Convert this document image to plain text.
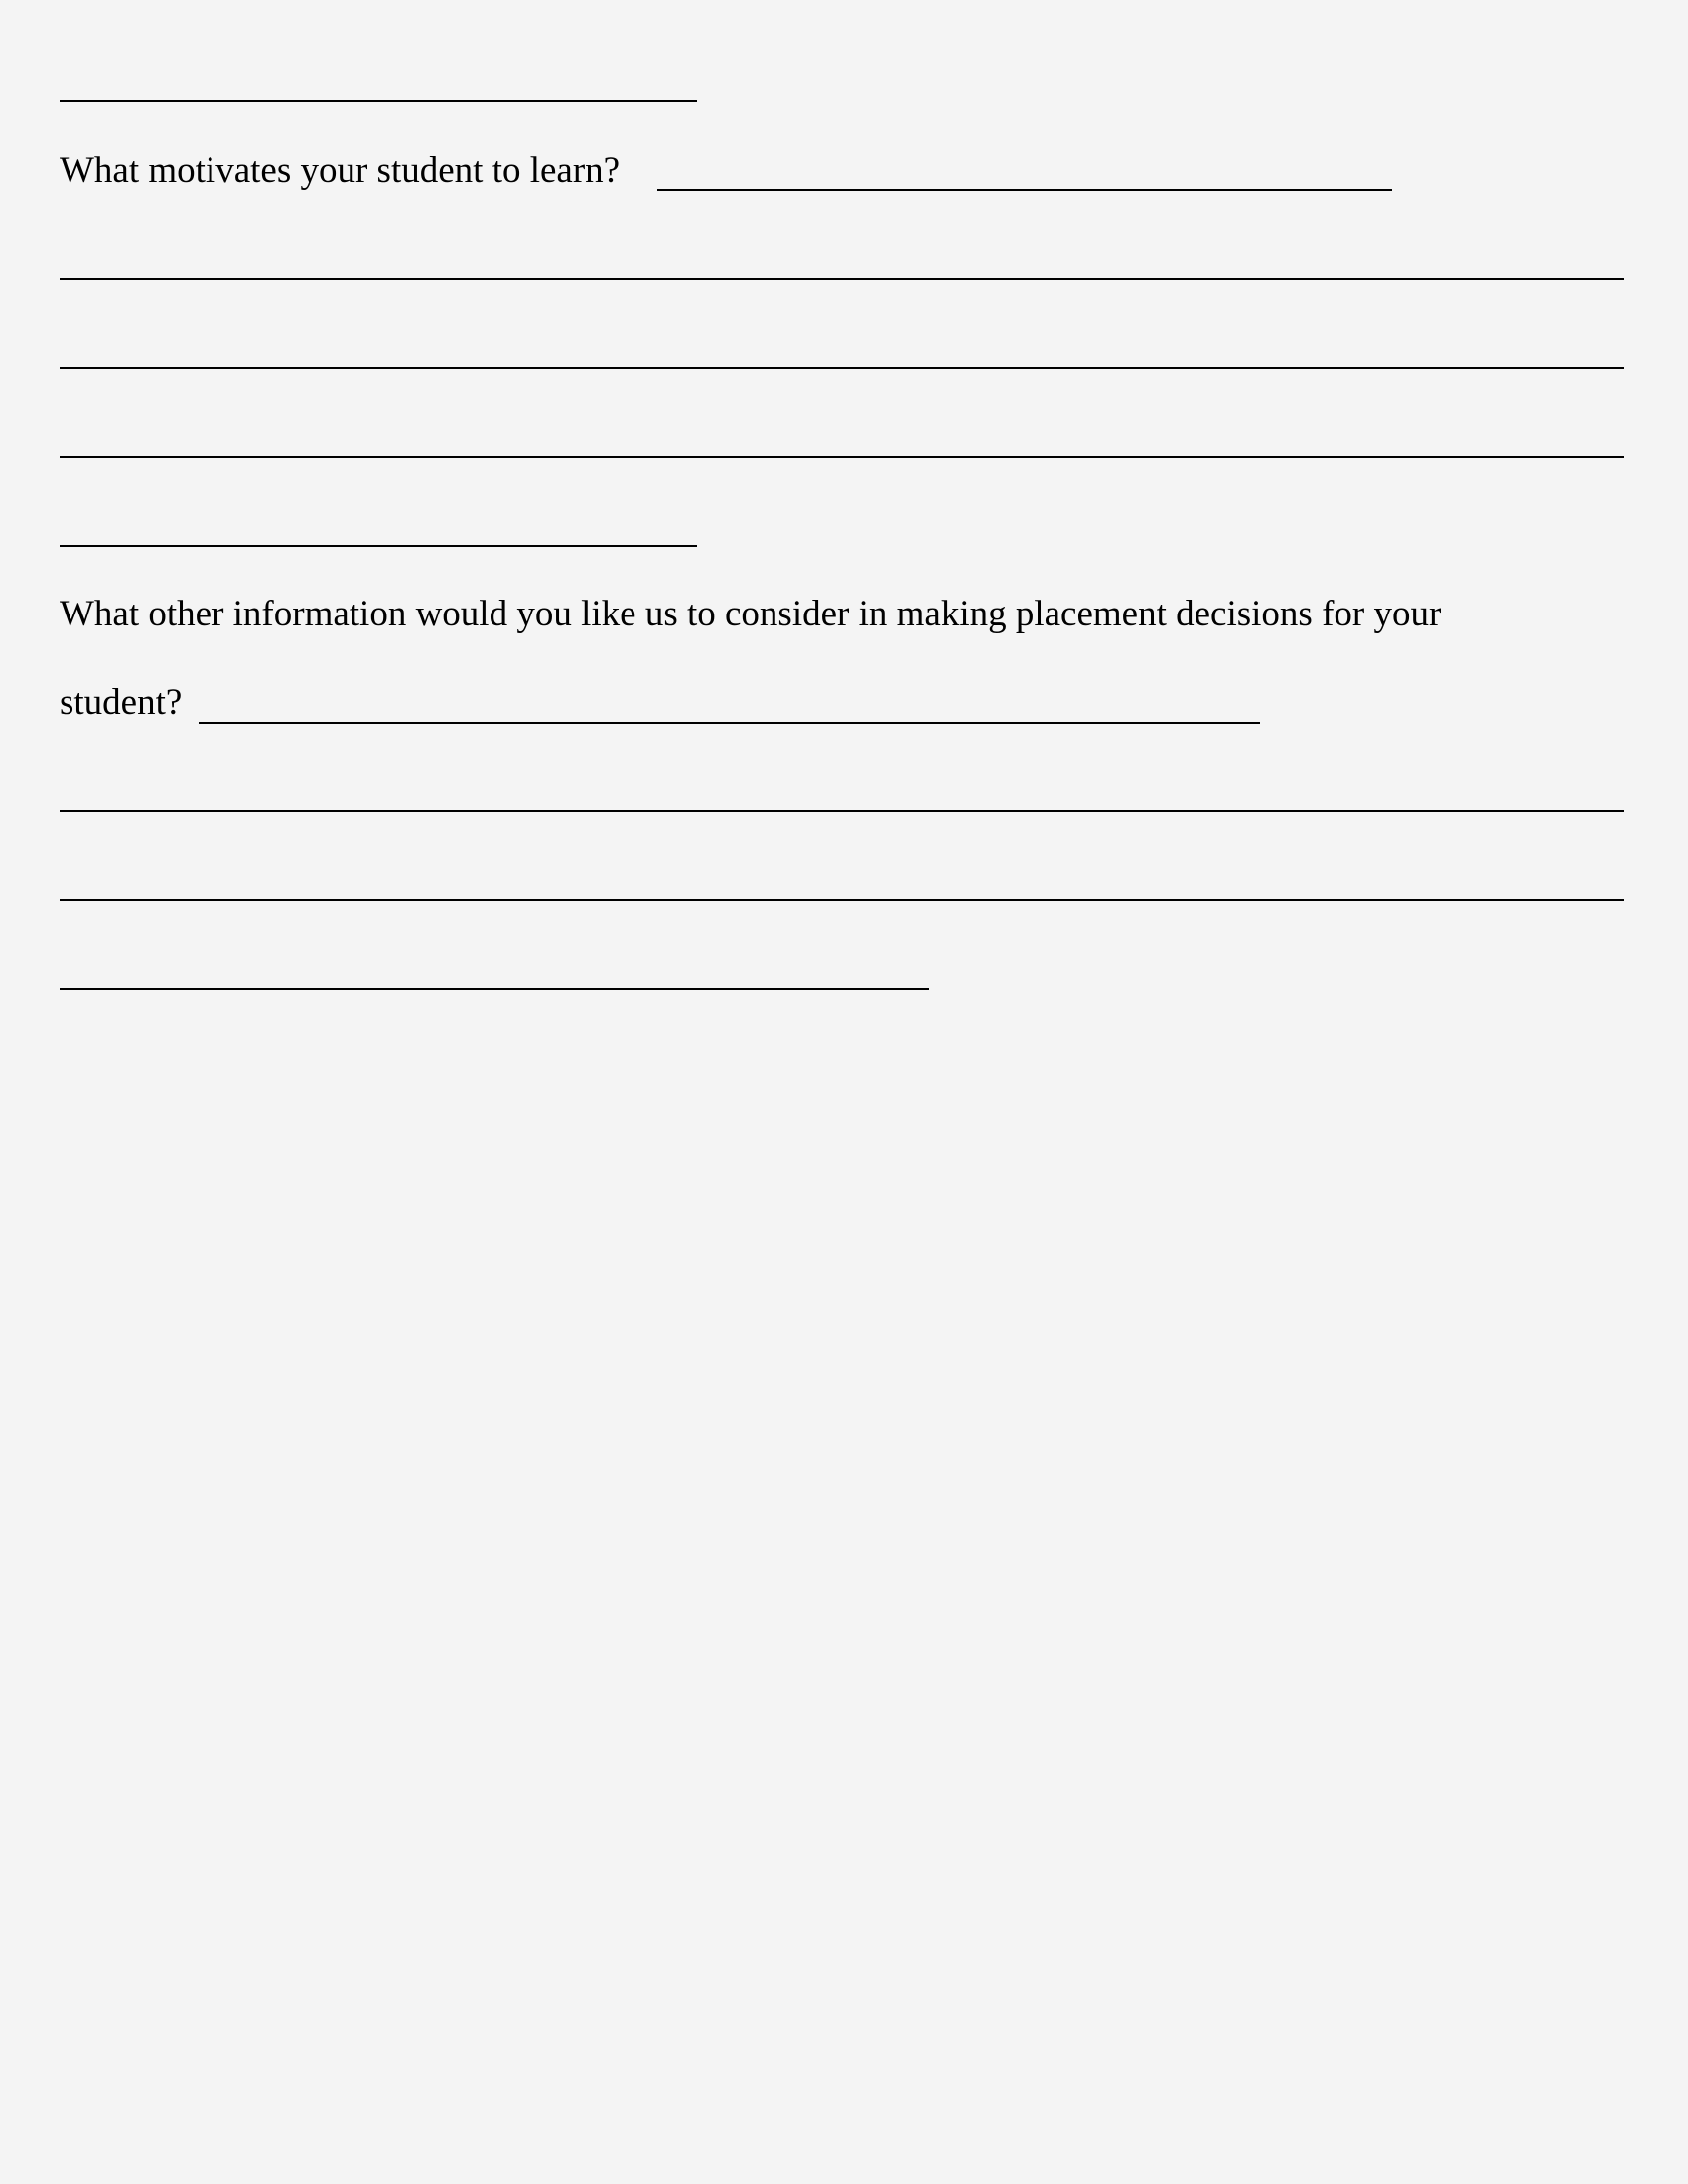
What motivates your student to learn?
What other information would you like us to consider in making placement decisions for your
student?
